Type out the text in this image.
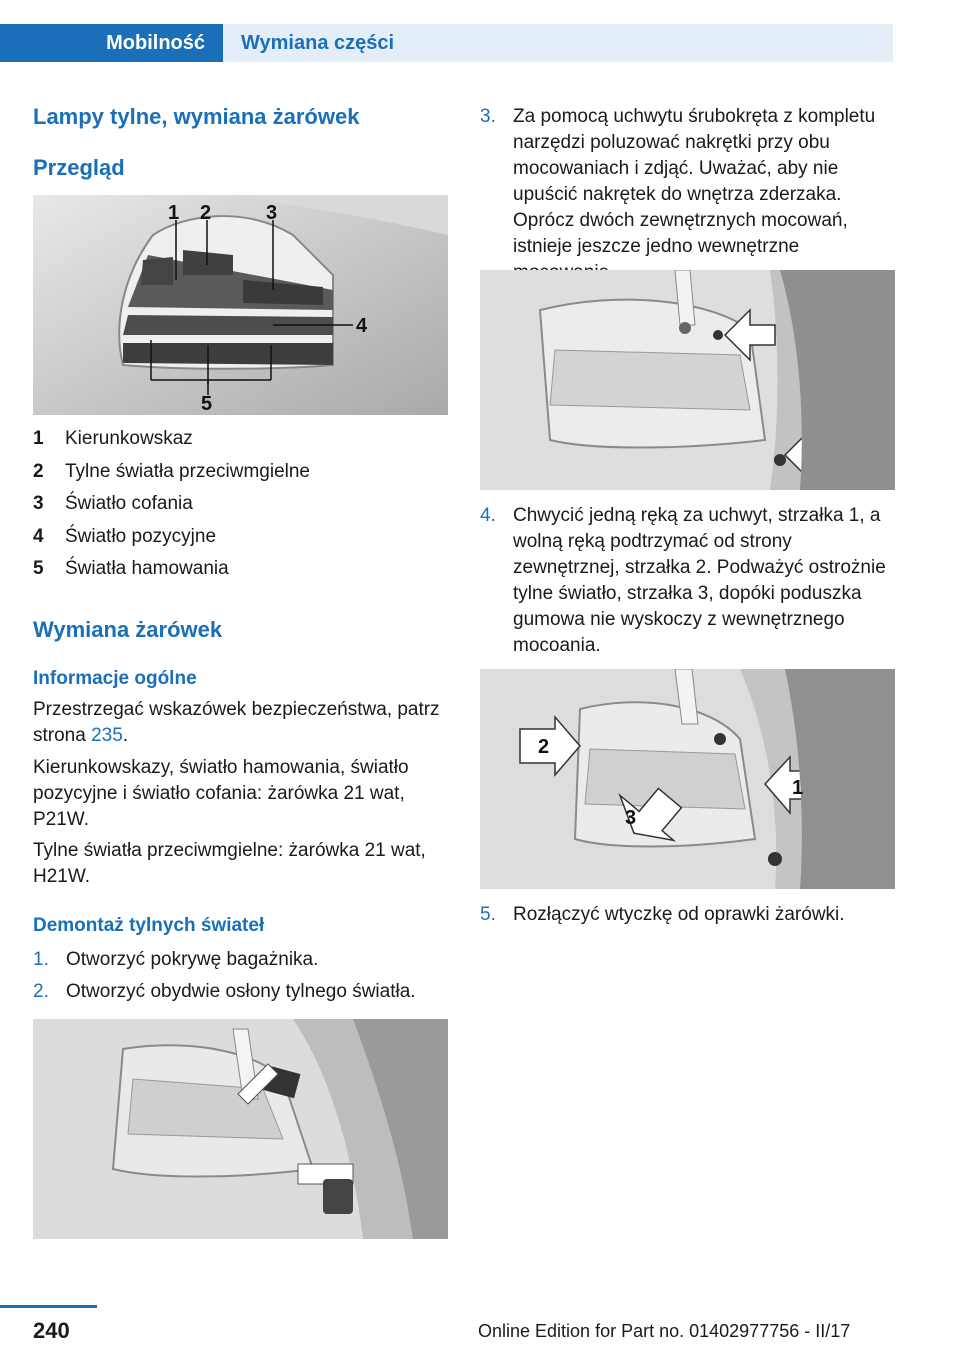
Mobilność	Wymiana części
Lampy tylne, wymiana żarówek
Przegląd
1 2	3
4
5
1 Kierunkowskaz
2 Tylne światła przeciwmgielne
3 Światło cofania
4 Światło pozycyjne
5 Światła hamowania
Wymiana żarówek
Informacje ogólne

Przestrzegać wskazówek bezpieczeństwa, patrz strona 235.

Kierunkowskazy, światło hamowania, światło pozycyjne i światło cofania: żarówka 21 wat, P21W.

Tylne światła przeciwmgielne: żarówka 21 wat, H21W.

Demontaż tylnych świateł
1. Otworzyć pokrywę bagażnika.
2. Otworzyć obydwie osłony tylnego światła.
3. Za pomocą uchwytu śrubokręta z kompletu narzędzi poluzować nakrętki przy obu mocowaniach i zdjąć. Uważać, aby nie upuścić nakrętek do wnętrza zderzaka. Oprócz dwóch zewnętrznych mocowań, istnieje jeszcze jedno wewnętrzne
4. Chwycić jedną ręką za uchwyt, strzałka 1, a wolną ręką podtrzymać od strony zewnętrznej, strzałka 2. Podważyć ostrożnie tylne światło, strzałka 3, dopóki poduszka gumowa nie wyskoczy z wewnętrznego mocoania.
2
1
3
5. Rozłączyć wtyczkę od oprawki żarówki.
240	Online Edition for Part no. 01402977756 - II/17
